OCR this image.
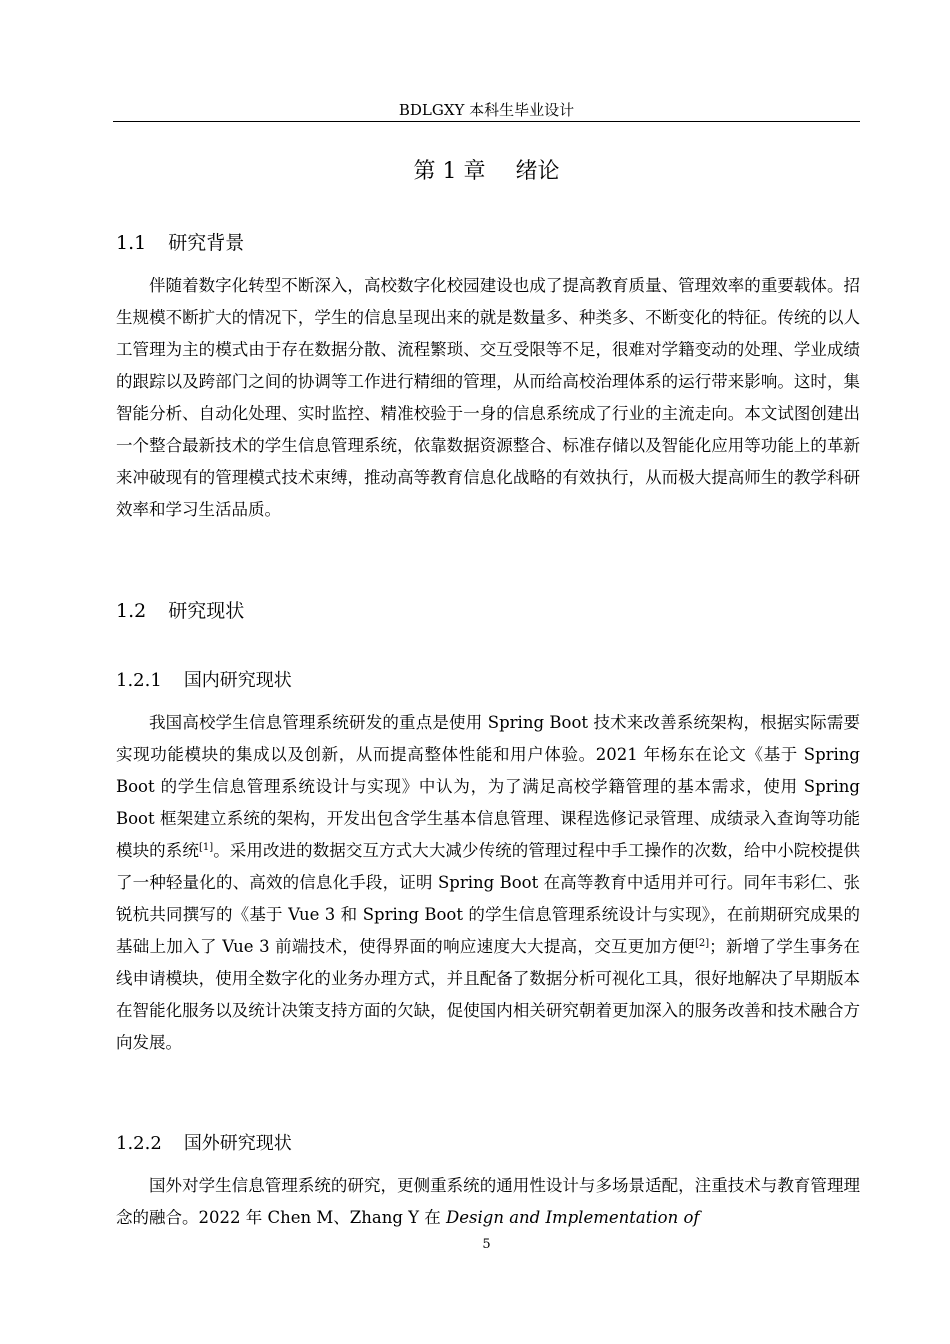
BDLGXY 本科生毕业设计
第 1 章 绪论
1.1 研究背景

伴随着数字化转型不断深入，高校数字化校园建设也成了提高教育质量、管理效率的重要载体。招生规模不断扩大的情况下，学生的信息呈现出来的就是数量多、种类多、不断变化的特征。传统的以人工管理为主的模式由于存在数据分散、流程繁琐、交互受限等不足，很难对学籍变动的处理、学业成绩的跟踪以及跨部门之间的协调等工作进行精细的管理，从而给高校治理体系的运行带来影响。这时，集智能分析、自动化处理、实时监控、精准校验于一身的信息系统成了行业的主流走向。本文试图创建出一个整合最新技术的学生信息管理系统，依靠数据资源整合、标准存储以及智能化应用等功能上的革新来冲破现有的管理模式技术束缚，推动高等教育信息化战略的有效执行，从而极大提高师生的教学科研效率和学习生活品质。

1.2 研究现状
1.2.1 国内研究现状

我国高校学生信息管理系统研发的重点是使用 Spring Boot 技术来改善系统架构，根据实际需要实现功能模块的集成以及创新，从而提高整体性能和用户体验。2021 年杨东在论文《基于 Spring Boot 的学生信息管理系统设计与实现》中认为，为了满足高校学籍管理的基本需求，使用 Spring Boot 框架建立系统的架构，开发出包含学生基本信息管理、课程选修记录管理、成绩录入查询等功能模块的系统[1]。采用改进的数据交互方式大大减少传统的管理过程中手工操作的次数，给中小院校提供了一种轻量化的、高效的信息化手段，证明 Spring Boot 在高等教育中适用并可行。同年韦彩仁、张锐杭共同撰写的《基于 Vue 3 和 Spring Boot 的学生信息管理系统设计与实现》，在前期研究成果的基础上加入了 Vue 3 前端技术，使得界面的响应速度大大提高，交互更加方便[2]；新增了学生事务在线申请模块，使用全数字化的业务办理方式，并且配备了数据分析可视化工具，很好地解决了早期版本在智能化服务以及统计决策支持方面的欠缺，促使国内相关研究朝着更加深入的服务改善和技术融合方向发展。

1.2.2 国外研究现状

国外对学生信息管理系统的研究，更侧重系统的通用性设计与多场景适配，注重技术与教育管理理念的融合。2022 年 Chen M、Zhang Y 在 Design and Implementation of

5
